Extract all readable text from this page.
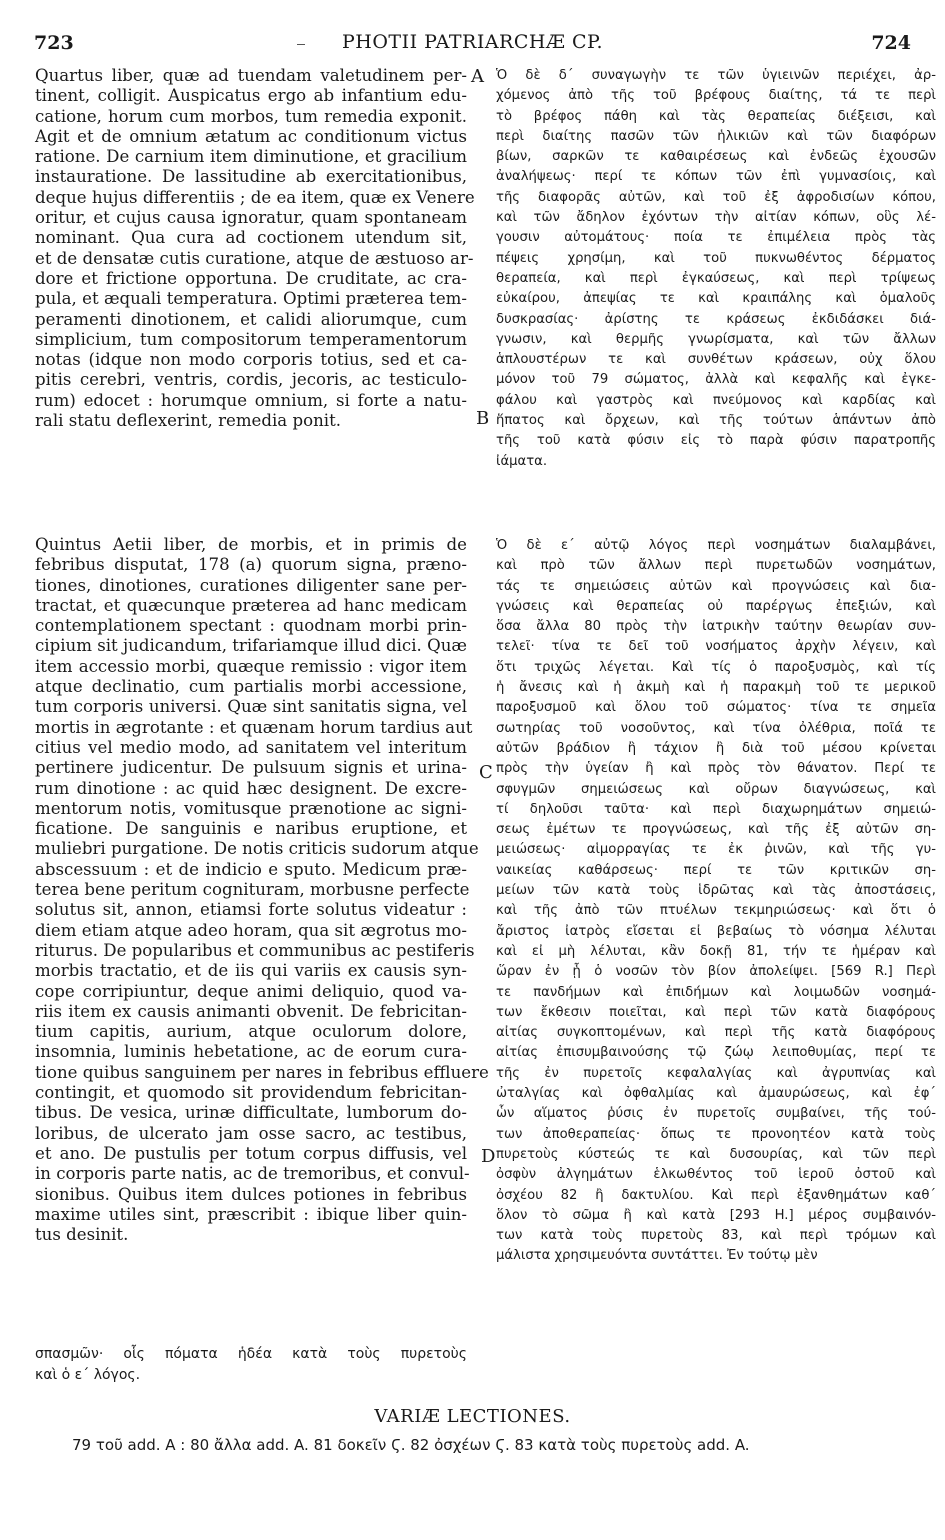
723	PHOTII PATRIARCHÆ CP.	724

Quartus liber, quæ ad tuendam valetudinem per-
tinent, colligit. Auspicatus ergo ab infantium edu-
catione, horum cum morbos, tum remedia exponit.
Agit et de omnium ætatum ac conditionum victus
ratione. De carnium item diminutione, et gracilium
instauratione. De lassitudine ab exercitationibus,
deque hujus differentiis ; de ea item, quæ ex Venere
oritur, et cujus causa ignoratur, quam spontaneam
nominant. Qua cura ad coctionem utendum sit,
et de densatæ cutis curatione, atque de æstuoso ar-
dore et frictione opportuna. De cruditate, ac cra-
pula, et æquali temperatura. Optimi præterea tem-
peramenti dinotionem, et calidi aliorumque, cum
simplicium, tum compositorum temperamentorum
notas (idque non modo corporis totius, sed et ca-
pitis cerebri, ventris, cordis, jecoris, ac testiculo-
rum) edocet : horumque omnium, si forte a natu-
rali statu deflexerint, remedia ponit.

Quintus Aetii liber, de morbis, et in primis de
febribus disputat, 178 (a) quorum signa, præno-
tiones, dinotiones, curationes diligenter sane per-
tractat, et quæcunque præterea ad hanc medicam
contemplationem spectant : quodnam morbi prin-
cipium sit judicandum, trifariamque illud dici. Quæ
item accessio morbi, quæque remissio : vigor item
atque declinatio, cum partialis morbi accessione,
tum corporis universi. Quæ sint sanitatis signa, vel
mortis in ægrotante : et quænam horum tardius aut
citius vel medio modo, ad sanitatem vel interitum
pertinere judicentur. De pulsuum signis et urina-
rum dinotione : ac quid hæc designent. De excre-
mentorum notis, vomitusque prænotione ac signi-
ficatione. De sanguinis e naribus eruptione, et
muliebri purgatione. De notis criticis sudorum atque
abscessuum : et de indicio e sputo. Medicum præ-
terea bene peritum cognituram, morbusne perfecte
solutus sit, annon, etiamsi forte solutus videatur :
diem etiam atque adeo horam, qua sit ægrotus mo-
riturus. De popularibus et communibus ac pestiferis
morbis tractatio, et de iis qui variis ex causis syn-
cope corripiuntur, deque animi deliquio, quod va-
riis item ex causis animanti obvenit. De febricitan-
tium capitis, aurium, atque oculorum dolore,
insomnia, luminis hebetatione, ac de eorum cura-
tione quibus sanguinem per nares in febribus effluere
contingit, et quomodo sit providendum febricitan-
tibus. De vesica, urinæ difficultate, lumborum do-
loribus, de ulcerato jam osse sacro, ac testibus,
et ano. De pustulis per totum corpus diffusis, vel
in corporis parte natis, ac de tremoribus, et convul-
sionibus. Quibus item dulces potiones in febribus
maxime utiles sint, præscribit : ibique liber quin-
tus desinit.

σπασμῶν· οἷς πόματα ἡδέα κατὰ τοὺς πυρετοὺς
καὶ ὁ ε΄ λόγος.

Ὁ δὲ δ΄ συναγωγὴν τε τῶν ὑγιεινῶν περιέχει, ἀρ-
χόμενος ἀπὸ τῆς τοῦ βρέφους διαίτης, τά τε περὶ
τὸ βρέφος πάθη καὶ τὰς θεραπείας διέξεισι, καὶ
περὶ διαίτης πασῶν τῶν ἡλικιῶν καὶ τῶν διαφόρων
βίων, σαρκῶν τε καθαιρέσεως καὶ ἐνδεῶς ἐχουσῶν
ἀναλήψεως· περί τε κόπων τῶν ἐπὶ γυμνασίοις, καὶ
τῆς διαφορᾶς αὐτῶν, καὶ τοῦ ἐξ ἀφροδισίων κόπου,
καὶ τῶν ἄδηλον ἐχόντων τὴν αἰτίαν κόπων, οὓς λέ-
γουσιν αὐτομάτους· ποία τε ἐπιμέλεια πρὸς τὰς
πέψεις χρησίμη, καὶ τοῦ πυκνωθέντος δέρματος
θεραπεία, καὶ περὶ ἐγκαύσεως, καὶ περὶ τρίψεως
εὐκαίρου, ἀπεψίας τε καὶ κραιπάλης καὶ ὁμαλοῦς
δυσκρασίας· ἀρίστης τε κράσεως ἐκδιδάσκει διά-
γνωσιν, καὶ θερμῆς γνωρίσματα, καὶ τῶν ἄλλων
ἁπλουστέρων τε καὶ συνθέτων κράσεων, οὐχ ὅλου
μόνον τοῦ 79 σώματος, ἀλλὰ καὶ κεφαλῆς καὶ ἐγκε-
φάλου καὶ γαστρὸς καὶ πνεύμονος καὶ καρδίας καὶ
ἥπατος καὶ ὄρχεων, καὶ τῆς τούτων ἁπάντων ἀπὸ
τῆς τοῦ κατὰ φύσιν εἰς τὸ παρὰ φύσιν παρατροπῆς
ἰάματα.

Ὁ δὲ ε΄ αὐτῷ λόγος περὶ νοσημάτων διαλαμβάνει,
καὶ πρὸ τῶν ἄλλων περὶ πυρετωδῶν νοσημάτων,
τάς τε σημειώσεις αὐτῶν καὶ προγνώσεις καὶ δια-
γνώσεις καὶ θεραπείας οὐ παρέργως ἐπεξιών, καὶ
ὅσα ἄλλα 80 πρὸς τὴν ἰατρικὴν ταύτην θεωρίαν συν-
τελεῖ· τίνα τε δεῖ τοῦ νοσήματος ἀρχὴν λέγειν, καὶ
ὅτι τριχῶς λέγεται. Καὶ τίς ὁ παροξυσμὸς, καὶ τίς
ἡ ἄνεσις καὶ ἡ ἀκμὴ καὶ ἡ παρακμὴ τοῦ τε μερικοῦ
παροξυσμοῦ καὶ ὅλου τοῦ σώματος· τίνα τε σημεῖα
σωτηρίας τοῦ νοσοῦντος, καὶ τίνα ὀλέθρια, ποῖά τε
αὐτῶν βράδιον ἢ τάχιον ἢ διὰ τοῦ μέσου κρίνεται
πρὸς τὴν ὑγείαν ἢ καὶ πρὸς τὸν θάνατον. Περί τε
σφυγμῶν σημειώσεως καὶ οὔρων διαγνώσεως, καὶ
τί δηλοῦσι ταῦτα· καὶ περὶ διαχωρημάτων σημειώ-
σεως ἐμέτων τε προγνώσεως, καὶ τῆς ἐξ αὐτῶν ση-
μειώσεως· αἱμορραγίας τε ἐκ ῥινῶν, καὶ τῆς γυ-
ναικείας καθάρσεως· περί τε τῶν κριτικῶν ση-
μείων τῶν κατὰ τοὺς ἱδρῶτας καὶ τὰς ἀποστάσεις,
καὶ τῆς ἀπὸ τῶν πτυέλων τεκμηριώσεως· καὶ ὅτι ὁ
ἄριστος ἰατρὸς εἴσεται εἰ βεβαίως τὸ νόσημα λέλυται
καὶ εἰ μὴ λέλυται, κἂν δοκῇ 81, τήν τε ἡμέραν καὶ
ὥραν ἐν ᾗ ὁ νοσῶν τὸν βίον ἀπολείψει. [569 R.] Περὶ
τε πανδήμων καὶ ἐπιδήμων καὶ λοιμωδῶν νοσημά-
των ἔκθεσιν ποιεῖται, καὶ περὶ τῶν κατὰ διαφόρους
αἰτίας συγκοπτομένων, καὶ περὶ τῆς κατὰ διαφόρους
αἰτίας ἐπισυμβαινούσης τῷ ζώῳ λειποθυμίας, περί τε
τῆς ἐν πυρετοῖς κεφαλαλγίας καὶ ἀγρυπνίας καὶ
ὠταλγίας καὶ ὀφθαλμίας καὶ ἀμαυρώσεως, καὶ ἐφ΄
ὧν αἵματος ῥύσις ἐν πυρετοῖς συμβαίνει, τῆς τού-
των ἀποθεραπείας· ὅπως τε προνοητέον κατὰ τοὺς
πυρετοὺς κύστεώς τε καὶ δυσουρίας, καὶ τῶν περὶ
ὀσφὺν ἀλγημάτων ἑλκωθέντος τοῦ ἱεροῦ ὀστοῦ καὶ
ὀσχέου 82 ἢ δακτυλίου. Καὶ περὶ ἐξανθημάτων καθ΄
ὅλον τὸ σῶμα ἢ καὶ κατὰ [293 H.] μέρος συμβαινόν-
των κατὰ τοὺς πυρετοὺς 83, καὶ περὶ τρόμων καὶ
μάλιστα χρησιμευόντα συντάττει. Ἐν τούτῳ μὲν

A
B
C
D
VARIÆ LECTIONES.
79 τοῦ add. A : 80 ἄλλα add. A. 81 δοκεῖν Ϛ. 82 ὀσχέων Ϛ. 83 κατὰ τοὺς πυρετοὺς add. A.
